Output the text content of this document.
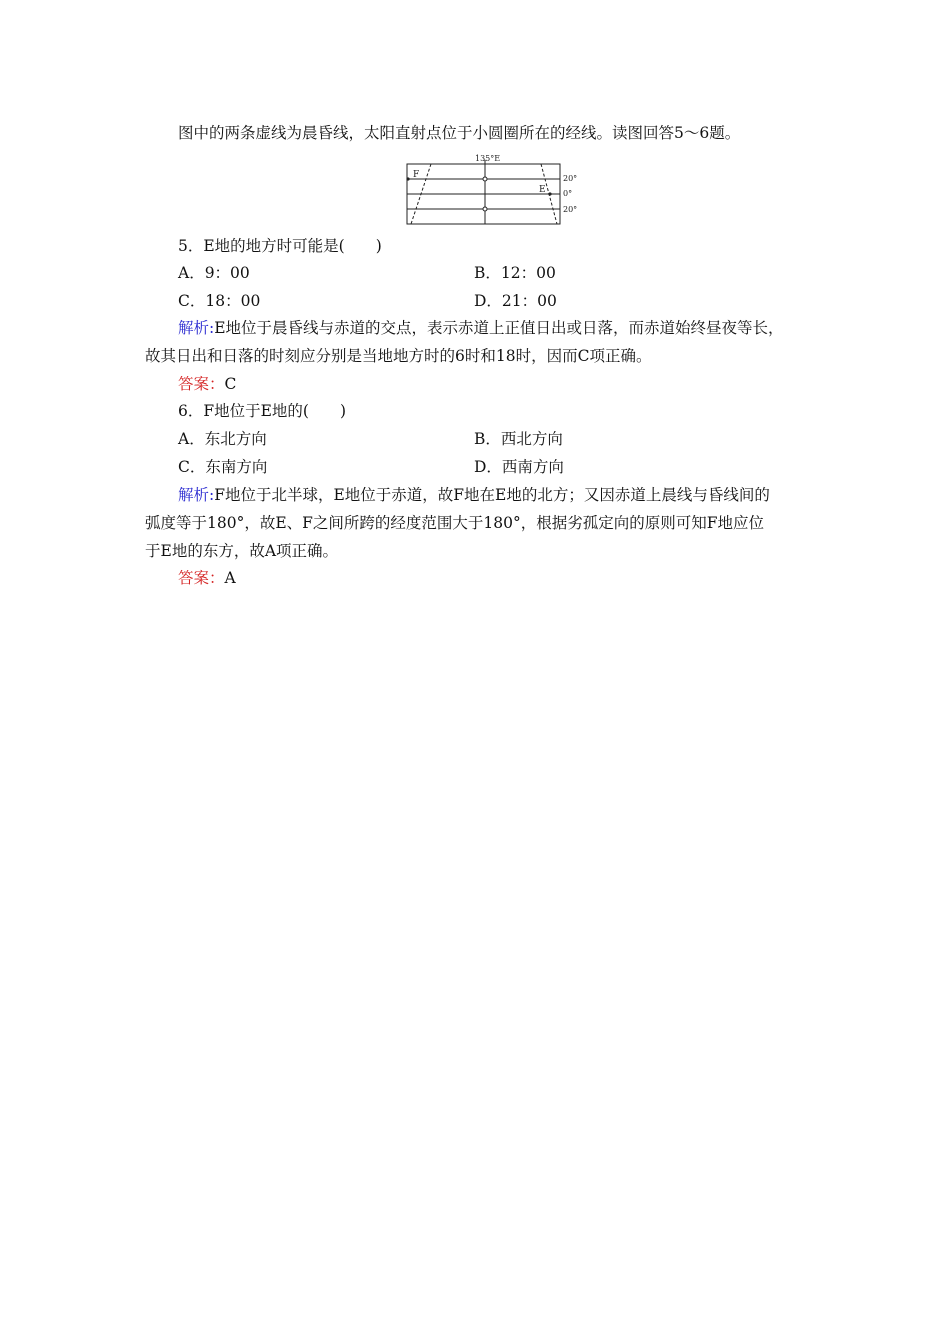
图中的两条虚线为晨昏线，太阳直射点位于小圆圈所在的经线。读图回答5～6题。
135°E
F
E
20°
0°
20°
5．E地的地方时可能是(　　)
A．9：00	B．12：00
C．18：00	D．21：00
解析:E地位于晨昏线与赤道的交点，表示赤道上正值日出或日落，而赤道始终昼夜等长，
故其日出和日落的时刻应分别是当地地方时的6时和18时，因而C项正确。
答案：C
6．F地位于E地的(　　)
A．东北方向	B．西北方向
C．东南方向	D．西南方向
解析:F地位于北半球，E地位于赤道，故F地在E地的北方；又因赤道上晨线与昏线间的
弧度等于180°，故E、F之间所跨的经度范围大于180°，根据劣孤定向的原则可知F地应位
于E地的东方，故A项正确。
答案：A
